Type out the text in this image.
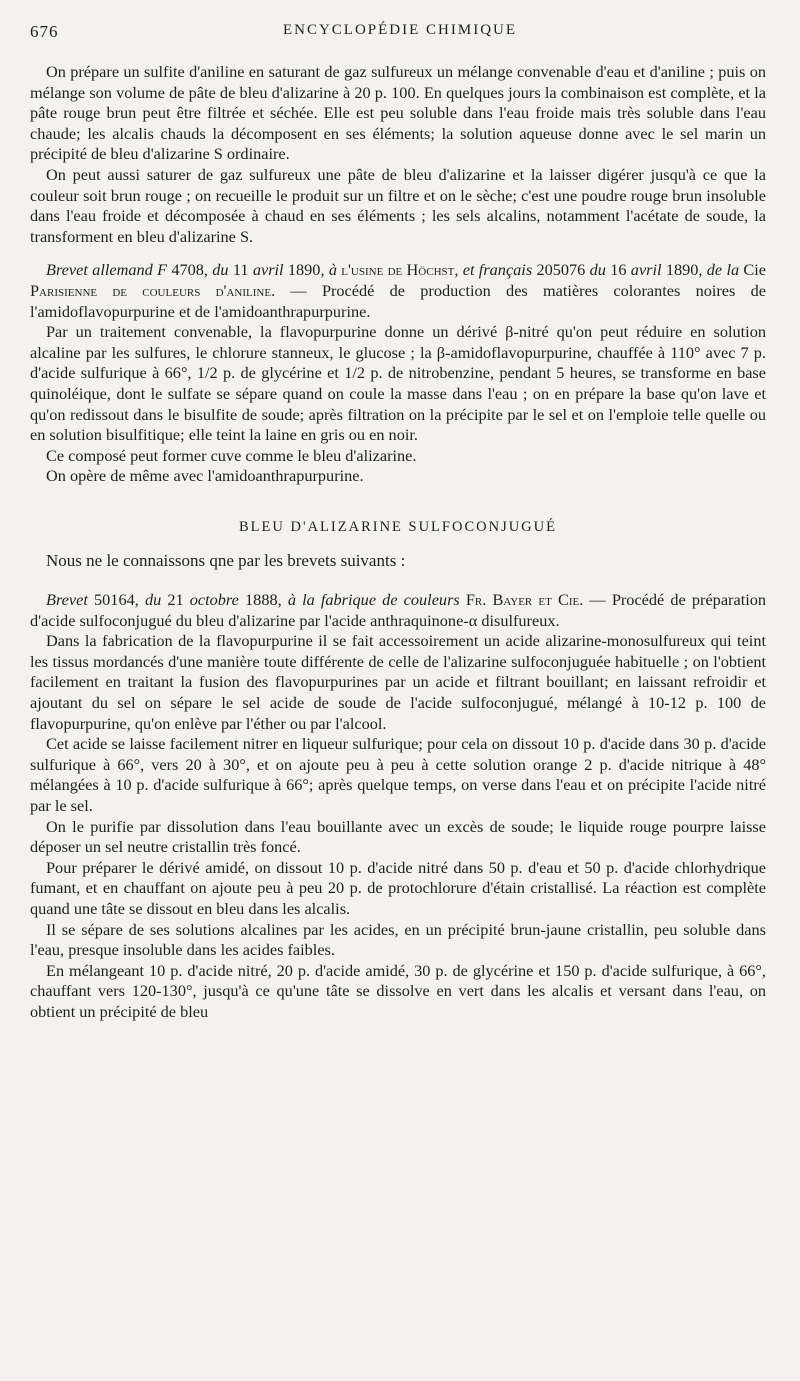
676	ENCYCLOPÉDIE CHIMIQUE

On prépare un sulfite d'aniline en saturant de gaz sulfureux un mélange convenable d'eau et d'aniline ; puis on mélange son volume de pâte de bleu d'alizarine à 20 p. 100. En quelques jours la combinaison est complète, et la pâte rouge brun peut être filtrée et séchée. Elle est peu soluble dans l'eau froide mais très soluble dans l'eau chaude; les alcalis chauds la décomposent en ses éléments; la solution aqueuse donne avec le sel marin un précipité de bleu d'alizarine S ordinaire.

On peut aussi saturer de gaz sulfureux une pâte de bleu d'alizarine et la laisser digérer jusqu'à ce que la couleur soit brun rouge ; on recueille le produit sur un filtre et on le sèche; c'est une poudre rouge brun insoluble dans l'eau froide et décomposée à chaud en ses éléments ; les sels alcalins, notamment l'acétate de soude, la transforment en bleu d'alizarine S.

Brevet allemand F 4708, du 11 avril 1890, à l'usine de Höchst, et français 205076 du 16 avril 1890, de la Cie Parisienne de couleurs d'aniline. — Procédé de production des matières colorantes noires de l'amidoflavopurpurine et de l'amidoanthrapurpurine.

Par un traitement convenable, la flavopurpurine donne un dérivé β-nitré qu'on peut réduire en solution alcaline par les sulfures, le chlorure stanneux, le glucose ; la β-amidoflavopurpurine, chauffée à 110° avec 7 p. d'acide sulfurique à 66°, 1/2 p. de glycérine et 1/2 p. de nitrobenzine, pendant 5 heures, se transforme en base quinoléique, dont le sulfate se sépare quand on coule la masse dans l'eau ; on en prépare la base qu'on lave et qu'on redissout dans le bisulfite de soude; après filtration on la précipite par le sel et on l'emploie telle quelle ou en solution bisulfitique; elle teint la laine en gris ou en noir.

Ce composé peut former cuve comme le bleu d'alizarine.

On opère de même avec l'amidoanthrapurpurine.

BLEU D'ALIZARINE SULFOCONJUGUÉ

Nous ne le connaissons qne par les brevets suivants :

Brevet 50164, du 21 octobre 1888, à la fabrique de couleurs Fr. Bayer et Cie. — Procédé de préparation d'acide sulfoconjugué du bleu d'alizarine par l'acide anthraquinone-α disulfureux.

Dans la fabrication de la flavopurpurine il se fait accessoirement un acide alizarine-monosulfureux qui teint les tissus mordancés d'une manière toute différente de celle de l'alizarine sulfoconjuguée habituelle ; on l'obtient facilement en traitant la fusion des flavopurpurines par un acide et filtrant bouillant; en laissant refroidir et ajoutant du sel on sépare le sel acide de soude de l'acide sulfoconjugué, mélangé à 10-12 p. 100 de flavopurpurine, qu'on enlève par l'éther ou par l'alcool.

Cet acide se laisse facilement nitrer en liqueur sulfurique; pour cela on dissout 10 p. d'acide dans 30 p. d'acide sulfurique à 66°, vers 20 à 30°, et on ajoute peu à peu à cette solution orange 2 p. d'acide nitrique à 48° mélangées à 10 p. d'acide sulfurique à 66°; après quelque temps, on verse dans l'eau et on précipite l'acide nitré par le sel.

On le purifie par dissolution dans l'eau bouillante avec un excès de soude; le liquide rouge pourpre laisse déposer un sel neutre cristallin très foncé.

Pour préparer le dérivé amidé, on dissout 10 p. d'acide nitré dans 50 p. d'eau et 50 p. d'acide chlorhydrique fumant, et en chauffant on ajoute peu à peu 20 p. de protochlorure d'étain cristallisé. La réaction est complète quand une tâte se dissout en bleu dans les alcalis.

Il se sépare de ses solutions alcalines par les acides, en un précipité brun-jaune cristallin, peu soluble dans l'eau, presque insoluble dans les acides faibles.

En mélangeant 10 p. d'acide nitré, 20 p. d'acide amidé, 30 p. de glycérine et 150 p. d'acide sulfurique, à 66°, chauffant vers 120-130°, jusqu'à ce qu'une tâte se dissolve en vert dans les alcalis et versant dans l'eau, on obtient un précipité de bleu
